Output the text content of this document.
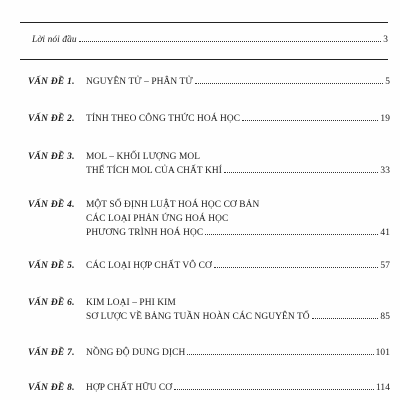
Lời nói đầu	3
VẤN ĐỀ 1.	NGUYÊN TỬ – PHÂN TỬ	5
VẤN ĐỀ 2.	TÍNH THEO CÔNG THỨC HOÁ HỌC	19
VẤN ĐỀ 3.	MOL – KHỐI LƯỢNG MOL
THỂ TÍCH MOL CỦA CHẤT KHÍ	33
VẤN ĐỀ 4.	MỘT SỐ ĐỊNH LUẬT HOÁ HỌC CƠ BẢN
CÁC LOẠI PHẢN ỨNG HOÁ HỌC
PHƯƠNG TRÌNH HOÁ HỌC	41
VẤN ĐỀ 5.	CÁC LOẠI HỢP CHẤT VÔ CƠ	57
VẤN ĐỀ 6.	KIM LOẠI – PHI KIM
SƠ LƯỢC VỀ BẢNG TUẦN HOÀN CÁC NGUYÊN TỐ	85
VẤN ĐỀ 7.	NỒNG ĐỘ DUNG DỊCH	101
VẤN ĐỀ 8.	HỢP CHẤT HỮU CƠ	114
